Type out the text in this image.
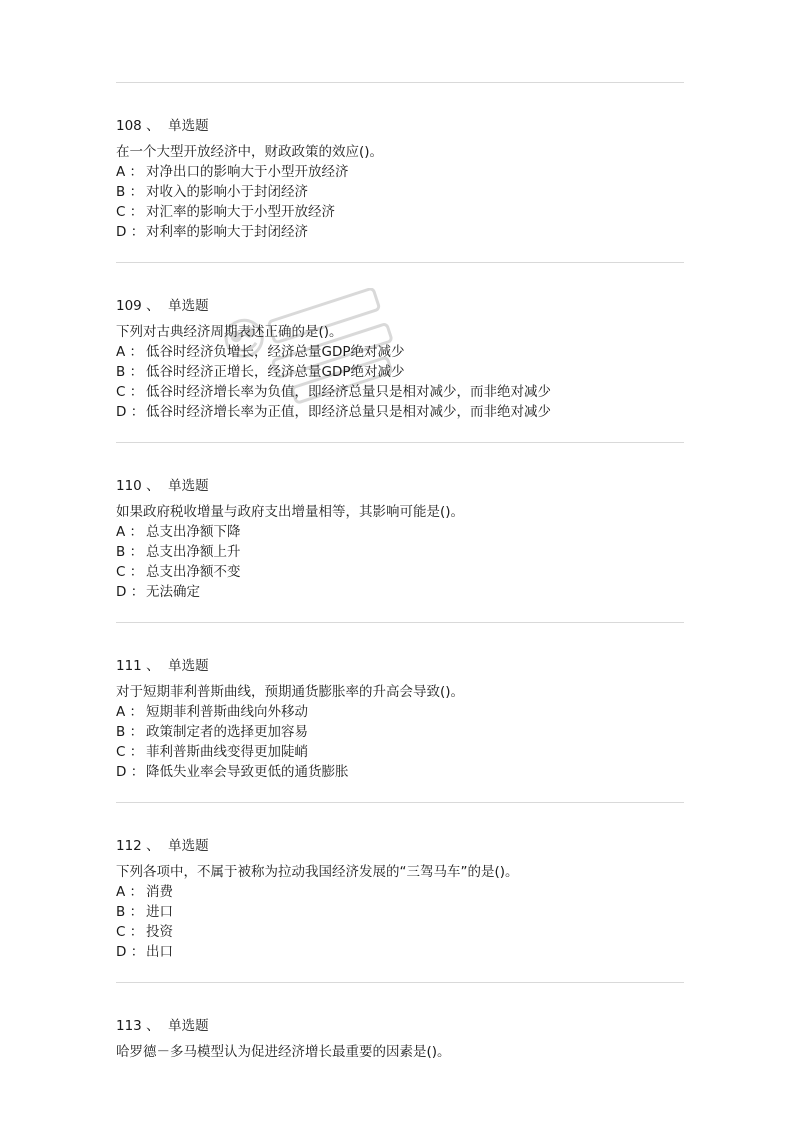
108 、 单选题
在一个大型开放经济中，财政政策的效应()。
A ： 对净出口的影响大于小型开放经济
B ： 对收入的影响小于封闭经济
C ： 对汇率的影响大于小型开放经济
D ： 对利率的影响大于封闭经济
109 、 单选题
下列对古典经济周期表述正确的是()。
A ： 低谷时经济负增长，经济总量GDP绝对减少
B ： 低谷时经济正增长，经济总量GDP绝对减少
C ： 低谷时经济增长率为负值，即经济总量只是相对减少，而非绝对减少
D ： 低谷时经济增长率为正值，即经济总量只是相对减少，而非绝对减少
110 、 单选题
如果政府税收增量与政府支出增量相等，其影响可能是()。
A ： 总支出净额下降
B ： 总支出净额上升
C ： 总支出净额不变
D ： 无法确定
111 、 单选题
对于短期菲利普斯曲线，预期通货膨胀率的升高会导致()。
A ： 短期菲利普斯曲线向外移动
B ： 政策制定者的选择更加容易
C ： 菲利普斯曲线变得更加陡峭
D ： 降低失业率会导致更低的通货膨胀
112 、 单选题
下列各项中，不属于被称为拉动我国经济发展的“三驾马车”的是()。
A ： 消费
B ： 进口
C ： 投资
D ： 出口
113 、 单选题
哈罗德－多马模型认为促进经济增长最重要的因素是()。
